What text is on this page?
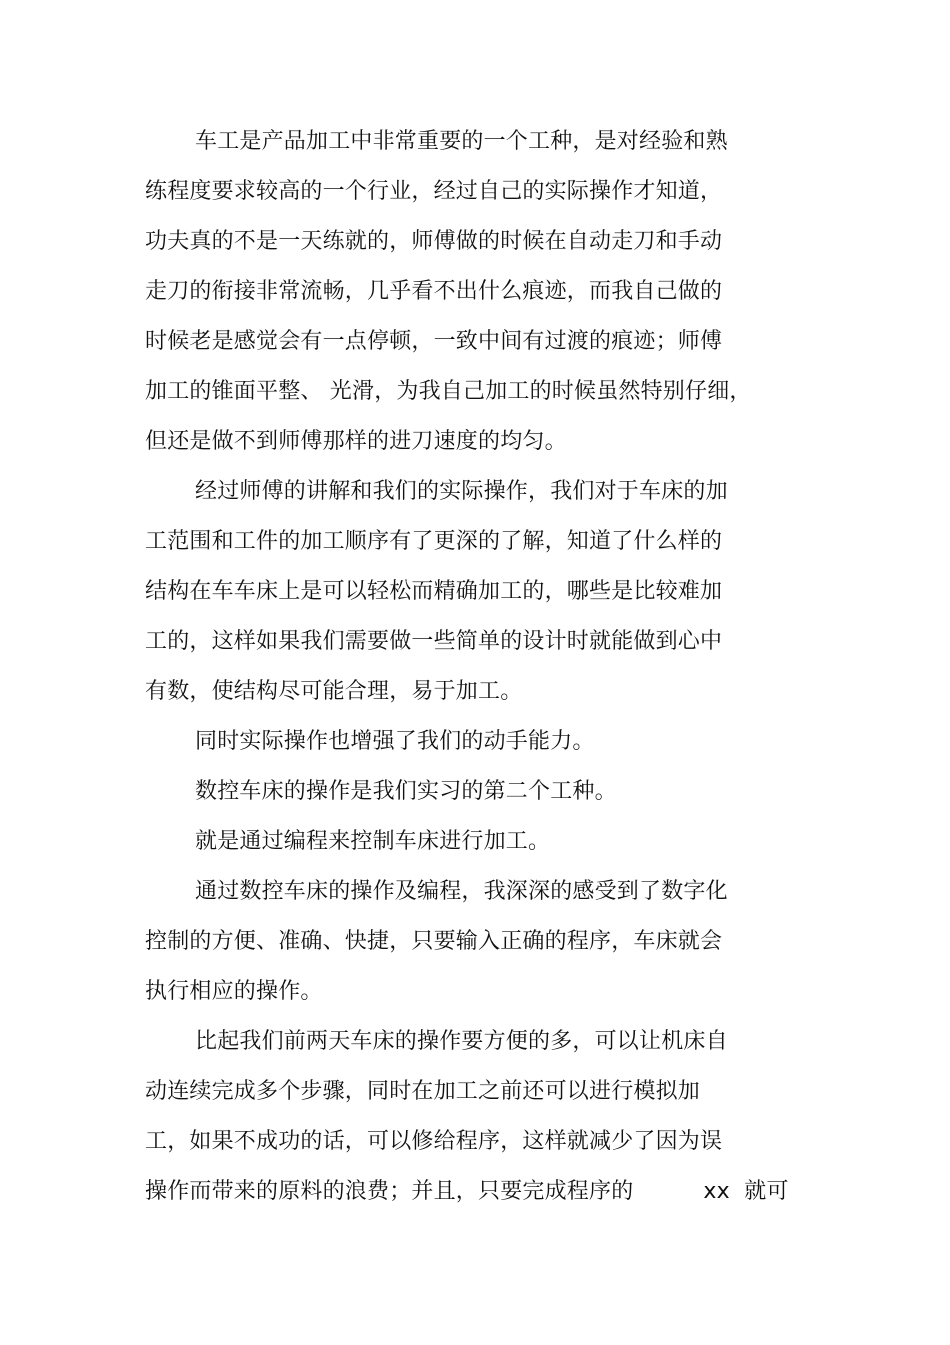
车工是产品加工中非常重要的一个工种，是对经验和熟
练程度要求较高的一个行业，经过自己的实际操作才知道，
功夫真的不是一天练就的，师傅做的时候在自动走刀和手动
走刀的衔接非常流畅，几乎看不出什么痕迹，而我自己做的
时候老是感觉会有一点停顿，一致中间有过渡的痕迹；师傅
加工的锥面平整、 光滑，为我自己加工的时候虽然特别仔细，
但还是做不到师傅那样的进刀速度的均匀。
经过师傅的讲解和我们的实际操作，我们对于车床的加
工范围和工件的加工顺序有了更深的了解，知道了什么样的
结构在车车床上是可以轻松而精确加工的，哪些是比较难加
工的，这样如果我们需要做一些简单的设计时就能做到心中
有数，使结构尽可能合理，易于加工。
同时实际操作也增强了我们的动手能力。
数控车床的操作是我们实习的第二个工种。
就是通过编程来控制车床进行加工。
通过数控车床的操作及编程，我深深的感受到了数字化
控制的方便、准确、快捷，只要输入正确的程序，车床就会
执行相应的操作。
比起我们前两天车床的操作要方便的多，可以让机床自
动连续完成多个步骤，同时在加工之前还可以进行模拟加
工，如果不成功的话，可以修给程序，这样就减少了因为误
操作而带来的原料的浪费；并且，只要完成程序的	xx 就可
